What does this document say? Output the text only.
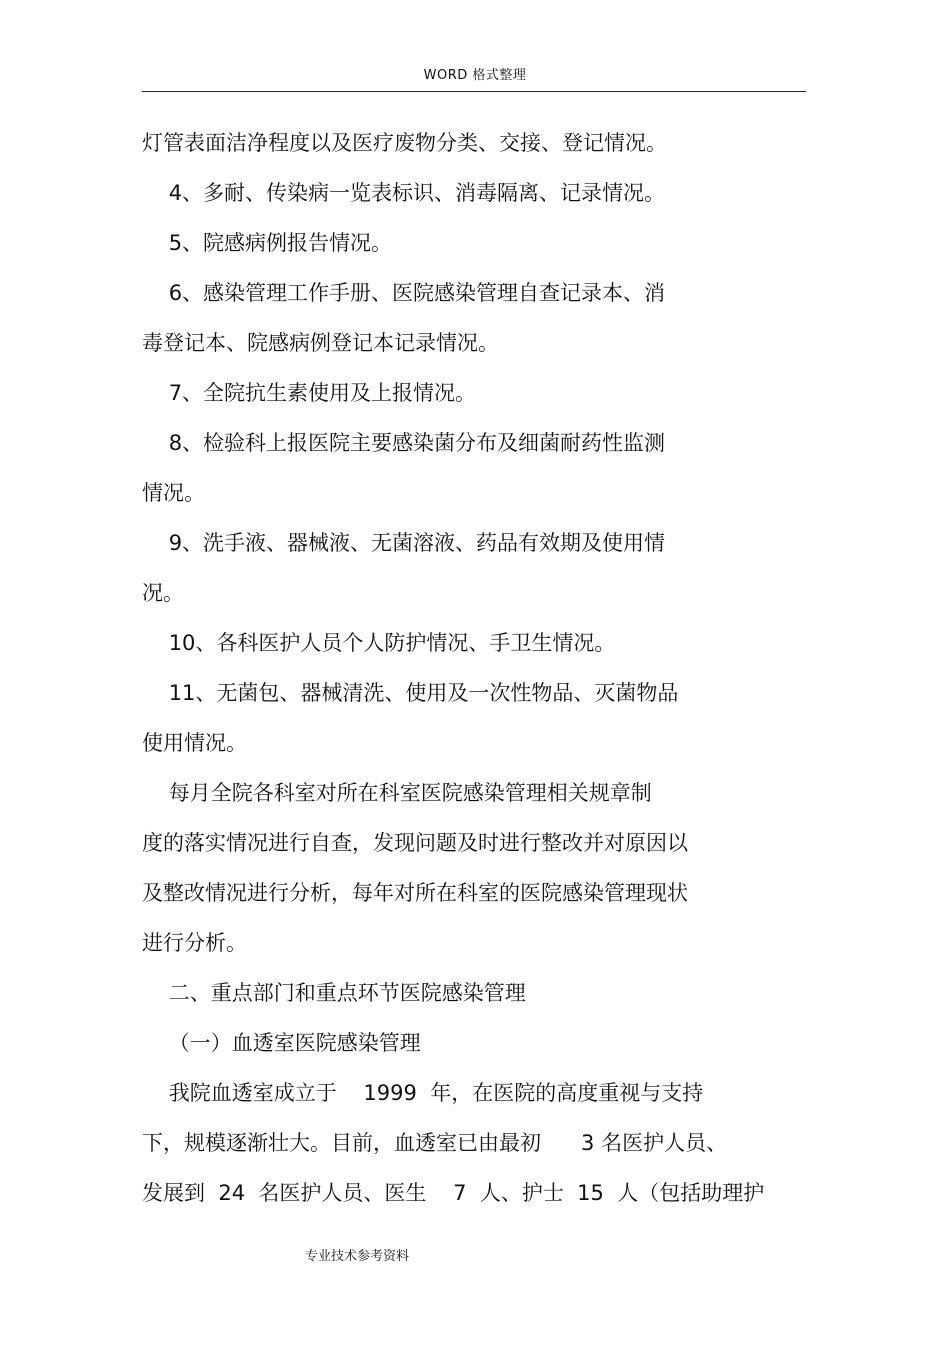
WORD 格式整理
灯管表面洁净程度以及医疗废物分类、交接、登记情况。
4、多耐、传染病一览表标识、消毒隔离、记录情况。
5、院感病例报告情况。
6、感染管理工作手册、医院感染管理自查记录本、消
毒登记本、院感病例登记本记录情况。
7、全院抗生素使用及上报情况。
8、检验科上报医院主要感染菌分布及细菌耐药性监测
情况。
9、洗手液、器械液、无菌溶液、药品有效期及使用情
况。
10、各科医护人员个人防护情况、手卫生情况。
11、无菌包、器械清洗、使用及一次性物品、灭菌物品
使用情况。
每月全院各科室对所在科室医院感染管理相关规章制
度的落实情况进行自查，发现问题及时进行整改并对原因以
及整改情况进行分析，每年对所在科室的医院感染管理现状
进行分析。
二、重点部门和重点环节医院感染管理
（一）血透室医院感染管理
我院血透室成立于    1999  年，在医院的高度重视与支持
下，规模逐渐壮大。目前，血透室已由最初      3 名医护人员、
发展到  24  名医护人员、医生    7  人、护士  15  人（包括助理护
专业技术参考资料
